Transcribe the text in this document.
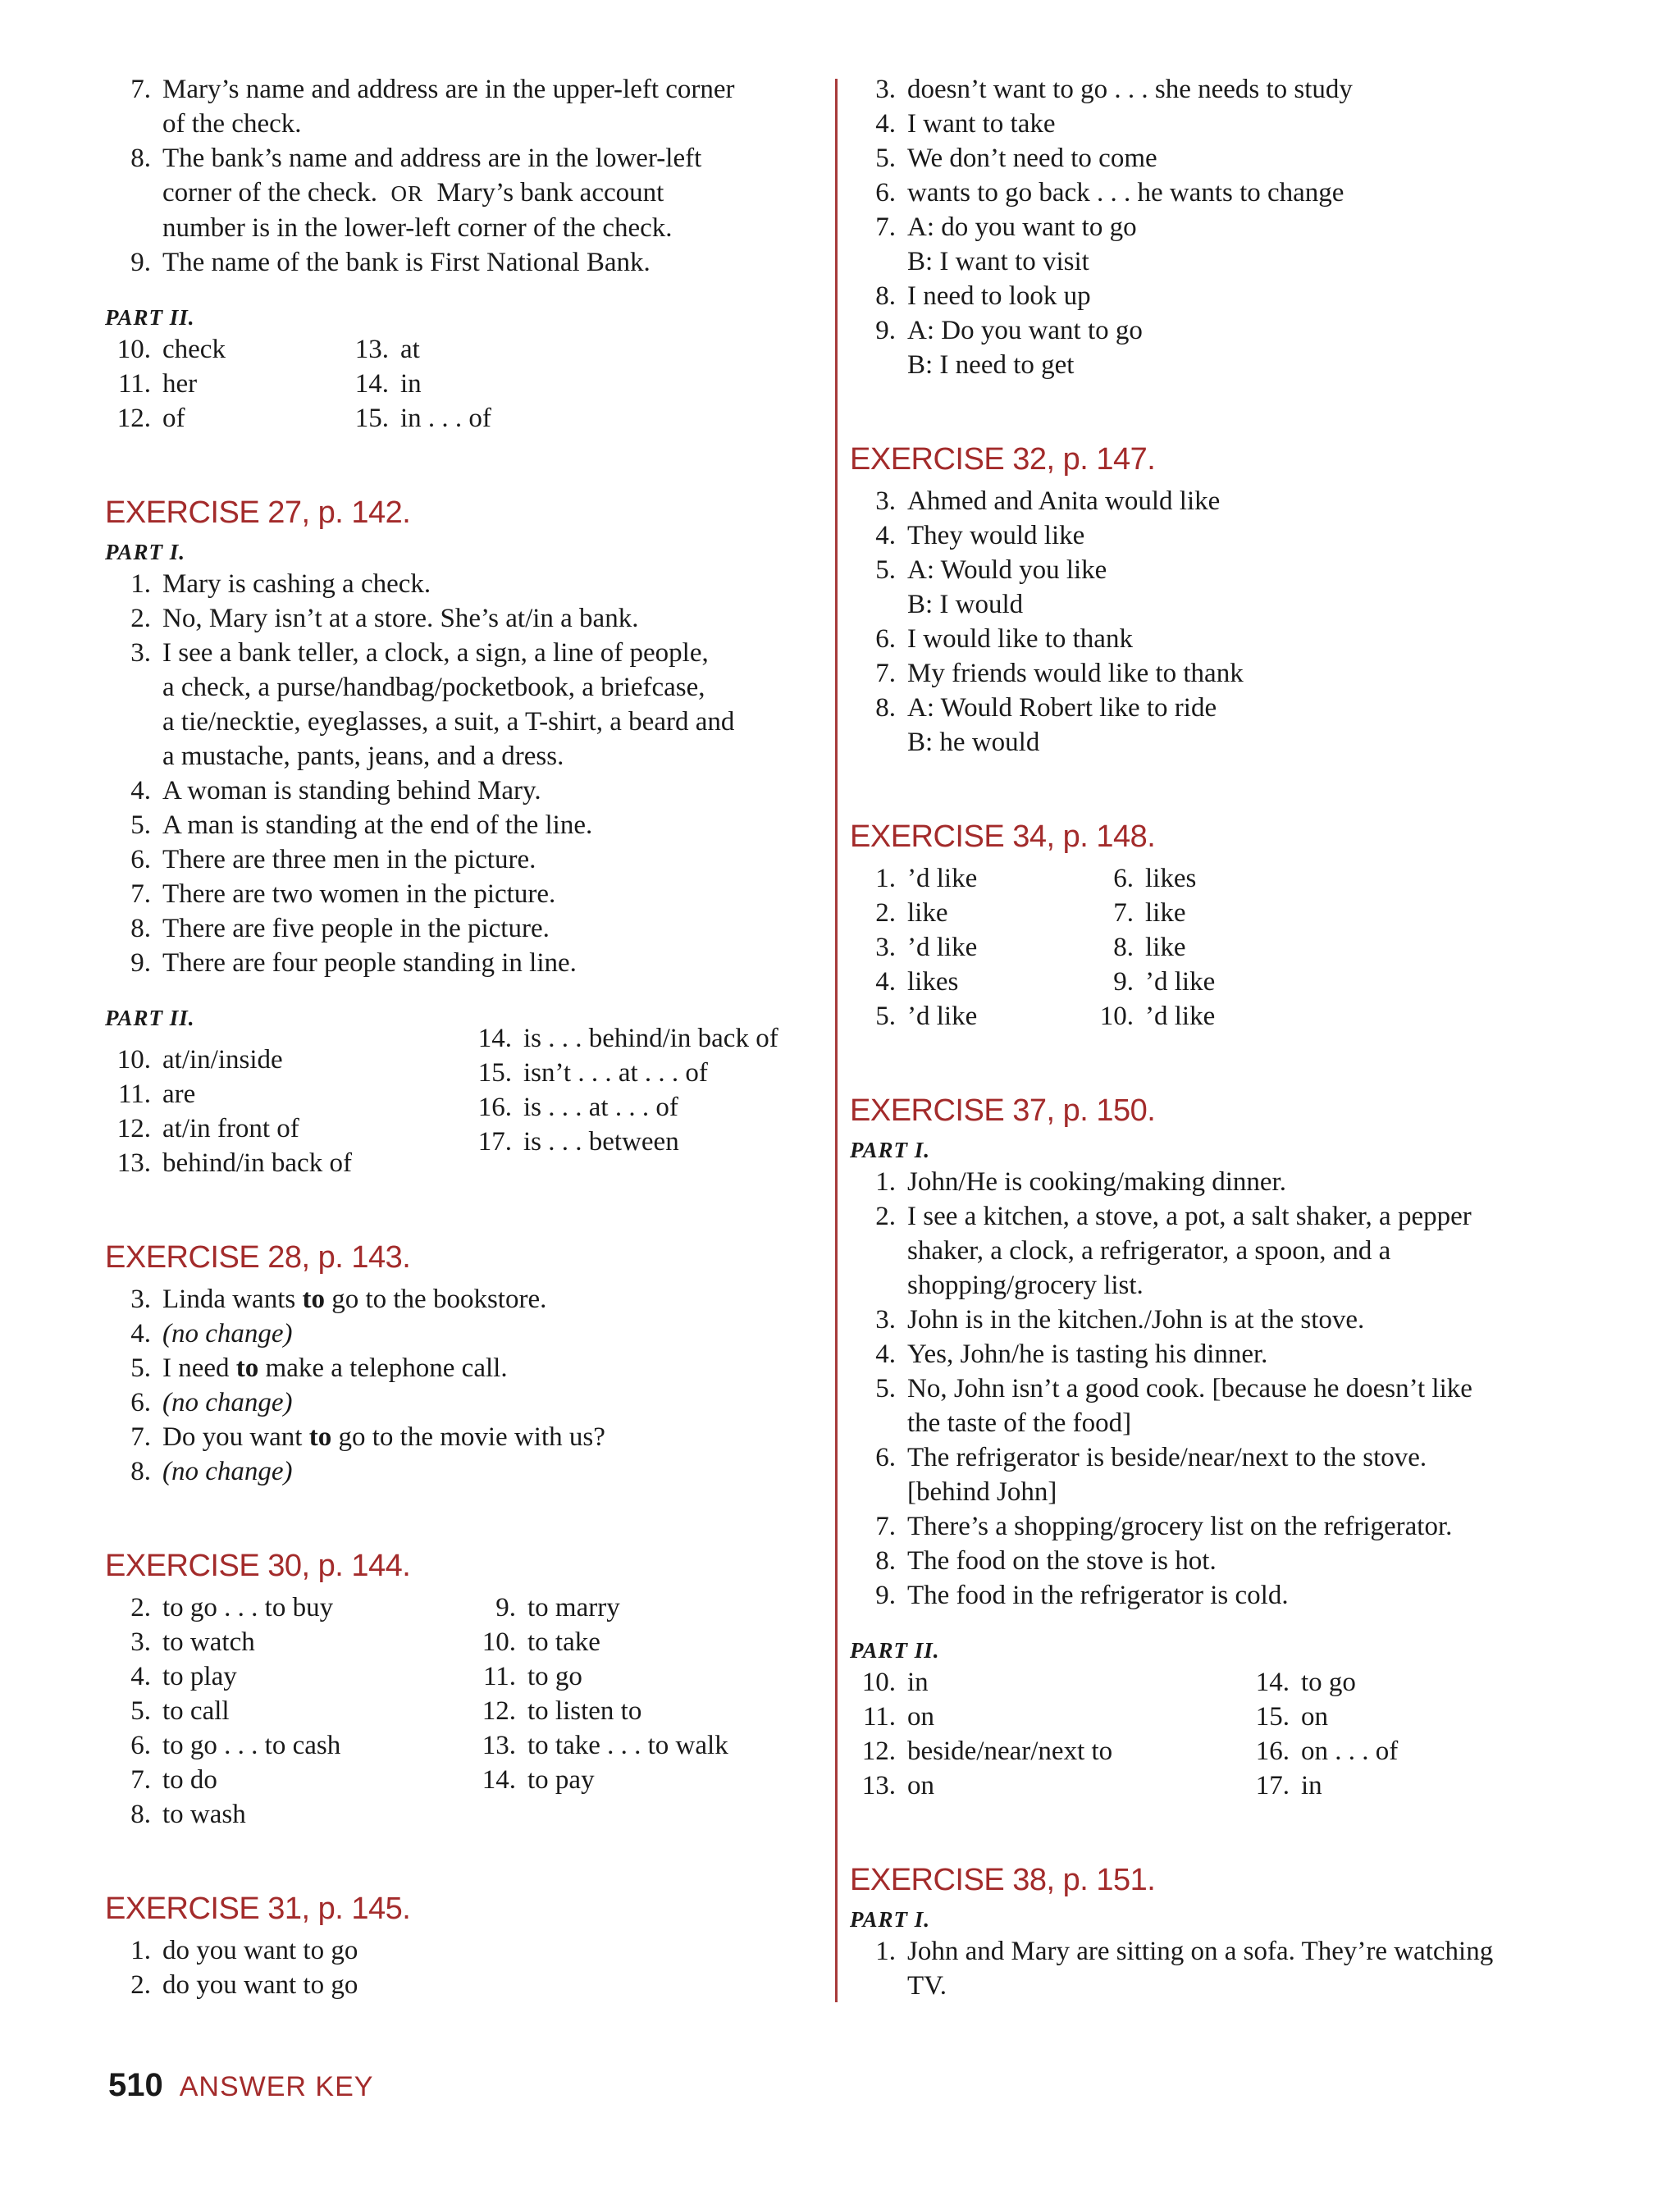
7. Mary’s name and address are in the upper-left corner
of the check.
8. The bank’s name and address are in the lower-left
corner of the check. OR Mary’s bank account
number is in the lower-left corner of the check.
9. The name of the bank is First National Bank.
PART II.
10. check	13. at
11. her	14. in
12. of	15. in . . . of
EXERCISE 27, p. 142.
PART I.
1. Mary is cashing a check.
2. No, Mary isn’t at a store. She’s at/in a bank.
3. I see a bank teller, a clock, a sign, a line of people,
a check, a purse/handbag/pocketbook, a briefcase,
a tie/necktie, eyeglasses, a suit, a T-shirt, a beard and
a mustache, pants, jeans, and a dress.
4. A woman is standing behind Mary.
5. A man is standing at the end of the line.
6. There are three men in the picture.
7. There are two women in the picture.
8. There are five people in the picture.
9. There are four people standing in line.
PART II.
10. at/in/inside
11. are
12. at/in front of
13. behind/in back of
14. is . . . behind/in back of
15. isn’t . . . at . . . of
16. is . . . at . . . of
17. is . . . between
EXERCISE 28, p. 143.
3. Linda wants to go to the bookstore.
4. (no change)
5. I need to make a telephone call.
6. (no change)
7. Do you want to go to the movie with us?
8. (no change)
EXERCISE 30, p. 144.
2. to go . . . to buy
3. to watch
4. to play
5. to call
6. to go . . . to cash
7. to do
8. to wash
9. to marry
10. to take
11. to go
12. to listen to
13. to take . . . to walk
14. to pay
EXERCISE 31, p. 145.
1. do you want to go
2. do you want to go
3. doesn’t want to go . . . she needs to study
4. I want to take
5. We don’t need to come
6. wants to go back . . . he wants to change
7. A: do you want to go
B: I want to visit
8. I need to look up
9. A: Do you want to go
B: I need to get
EXERCISE 32, p. 147.
3. Ahmed and Anita would like
4. They would like
5. A: Would you like
B: I would
6. I would like to thank
7. My friends would like to thank
8. A: Would Robert like to ride
B: he would
EXERCISE 34, p. 148.
1. ’d like
2. like
3. ’d like
4. likes
5. ’d like
6. likes
7. like
8. like
9. ’d like
10. ’d like
EXERCISE 37, p. 150.
PART I.
1. John/He is cooking/making dinner.
2. I see a kitchen, a stove, a pot, a salt shaker, a pepper
shaker, a clock, a refrigerator, a spoon, and a
shopping/grocery list.
3. John is in the kitchen./John is at the stove.
4. Yes, John/he is tasting his dinner.
5. No, John isn’t a good cook. [because he doesn’t like
the taste of the food]
6. The refrigerator is beside/near/next to the stove.
[behind John]
7. There’s a shopping/grocery list on the refrigerator.
8. The food on the stove is hot.
9. The food in the refrigerator is cold.
PART II.
10. in
11. on
12. beside/near/next to
13. on
14. to go
15. on
16. on . . . of
17. in
EXERCISE 38, p. 151.
PART I.
1. John and Mary are sitting on a sofa. They’re watching
TV.
510 ANSWER KEY
